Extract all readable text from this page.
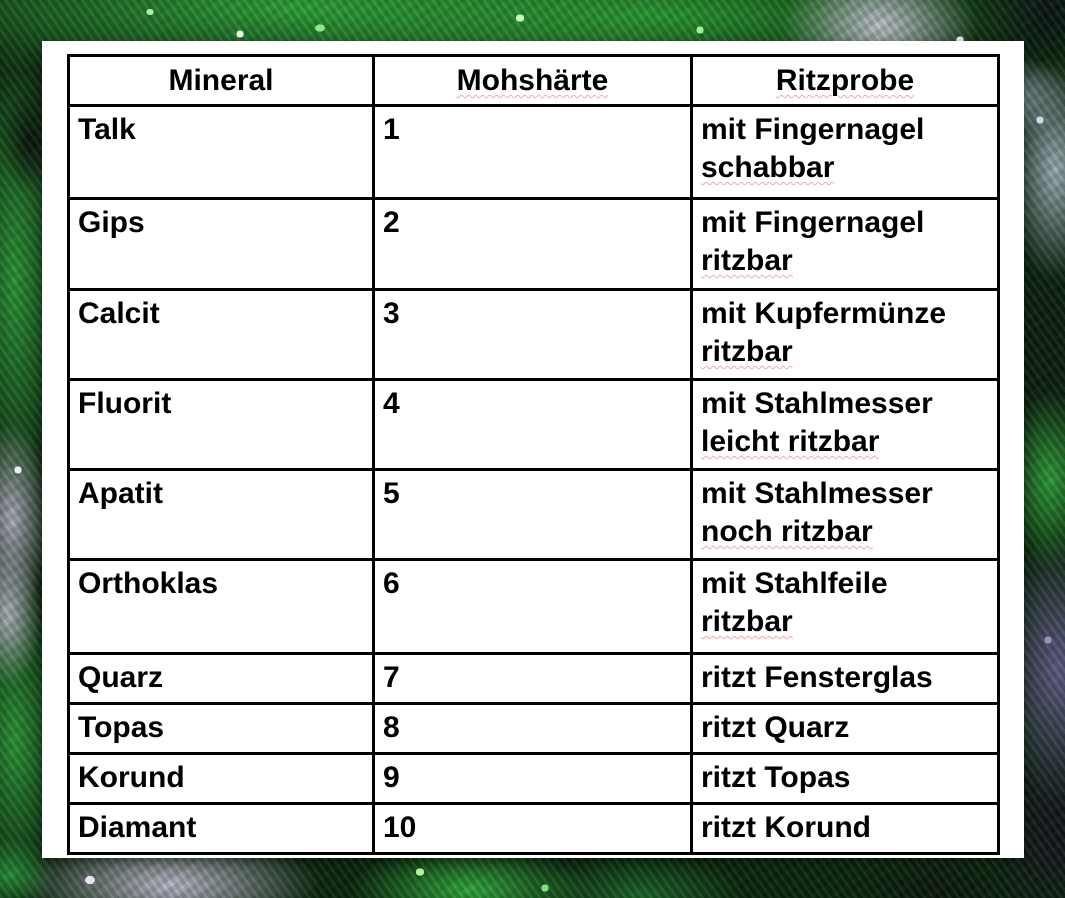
Mineral	Mohshärte	Ritzprobe
Talk	1	mit Fingernagel
schabbar

Gips	2	mit Fingernagel
ritzbar

Calcit	3	mit Kupfermünze
ritzbar

Fluorit	4	mit Stahlmesser
leicht ritzbar

Apatit	5	mit Stahlmesser
noch ritzbar

Orthoklas	6	mit Stahlfeile
ritzbar

Quarz	7	ritzt Fensterglas

Topas	8	ritzt Quarz

Korund	9	ritzt Topas

Diamant	10	ritzt Korund
